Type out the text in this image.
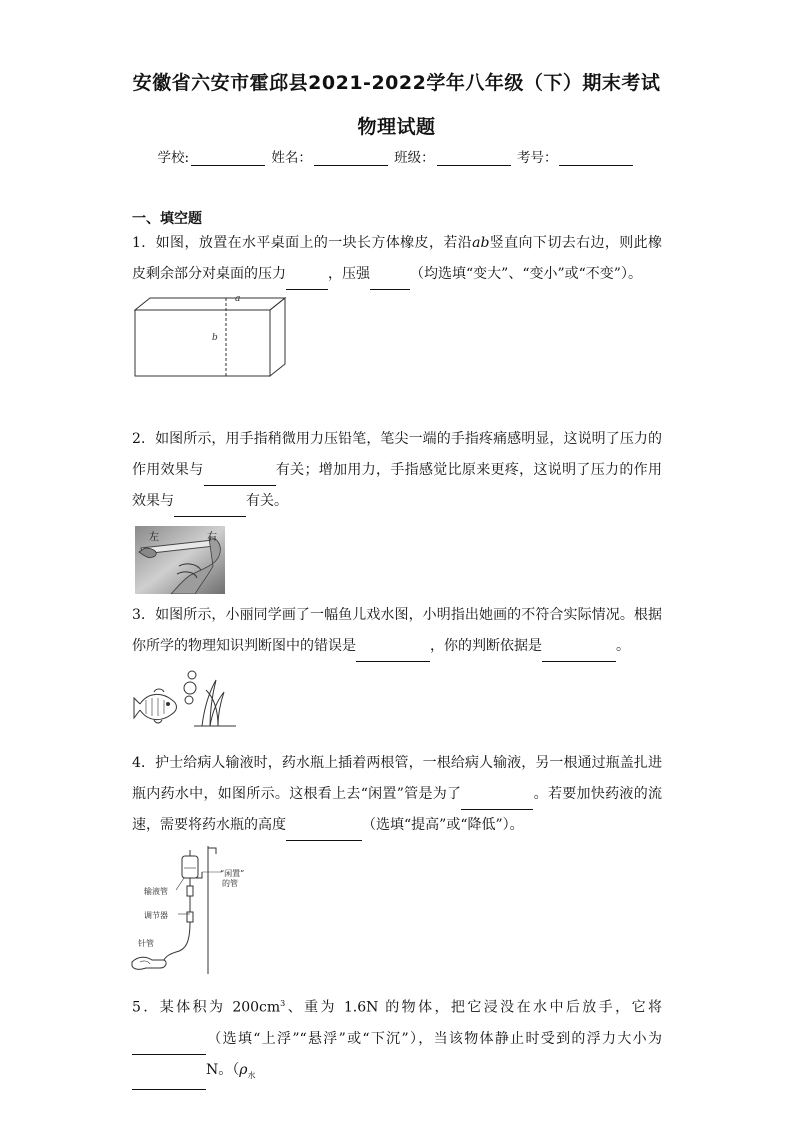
安徽省六安市霍邱县2021-2022学年八年级（下）期末考试
物理试题
学校:	姓名：	班级：	考号：
一、填空题
1．如图，放置在水平桌面上的一块长方体橡皮，若沿ab竖直向下切去右边，则此橡皮剩余部分对桌面的压力	，压强	（均选填“变大”、“变小”或“不变”）。
a
b
2．如图所示，用手指稍微用力压铅笔，笔尖一端的手指疼痛感明显，这说明了压力的作用效果与	有关；增加用力，手指感觉比原来更疼，这说明了压力的作用效果与	有关。
左	右
3．如图所示，小丽同学画了一幅鱼儿戏水图，小明指出她画的不符合实际情况。根据你所学的物理知识判断图中的错误是	，你的判断依据是	。
4．护士给病人输液时，药水瓶上插着两根管，一根给病人输液，另一根通过瓶盖扎进瓶内药水中，如图所示。这根看上去“闲置”管是为了	。若要加快药液的流速，需要将药水瓶的高度	（选填“提高”或“降低”）。
“闲置”
的管
输液管
调节器
针管
5．某体积为 $200cm^3$、重为 1.6N 的物体，把它浸没在水中后放手，它将（选填“上浮”“悬浮”或“下沉”），当该物体静止时受到的浮力大小为N。（$\rho_水$
